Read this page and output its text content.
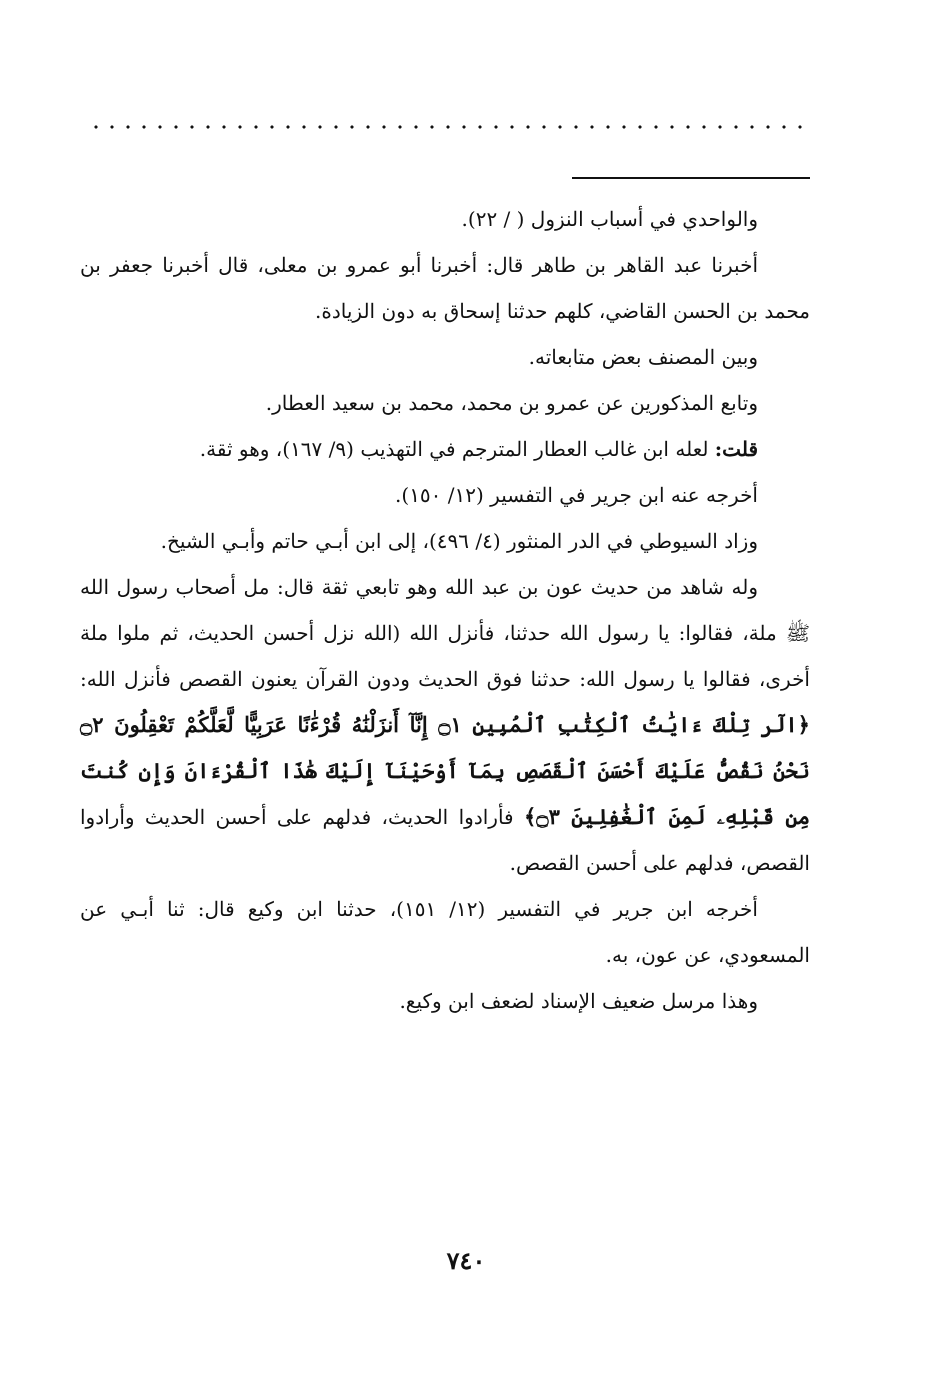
والواحدي في أسباب النزول ( / ٢٢).

أخبرنا عبد القاهر بن طاهر قال: أخبرنا أبو عمرو بن معلى، قال أخبرنا جعفر بن محمد بن الحسن القاضي، كلهم حدثنا إسحاق به دون الزيادة.

وبين المصنف بعض متابعاته.

وتابع المذكورين عن عمرو بن محمد، محمد بن سعيد العطار.

قلت: لعله ابن غالب العطار المترجم في التهذيب (٩/ ١٦٧)، وهو ثقة.

أخرجه عنه ابن جرير في التفسير (١٢/ ١٥٠).

وزاد السيوطي في الدر المنثور (٤/ ٤٩٦)، إلى ابن أبـي حاتم وأبـي الشيخ.

وله شاهد من حديث عون بن عبد الله وهو تابعي ثقة قال: مل أصحاب رسول الله ﷺ ملة، فقالوا: يا رسول الله حدثنا، فأنزل الله (الله نزل أحسن الحديث، ثم ملوا ملة أخرى، فقالوا يا رسول الله: حدثنا فوق الحديث ودون القرآن يعنون القصص فأنزل الله: ﴿الٓر تِلْكَ ءَايَٰتُ ٱلْكِتَٰبِ ٱلْمُبِينِ ۝١ إِنَّآ أَنزَلْنَٰهُ قُرْءَٰنًا عَرَبِيًّا لَّعَلَّكُمْ تَعْقِلُونَ ۝٢ نَحْنُ نَقُصُّ عَلَيْكَ أَحْسَنَ ٱلْقَصَصِ بِمَآ أَوْحَيْنَآ إِلَيْكَ هَٰذَا ٱلْقُرْءَانَ وَإِن كُنتَ مِن قَبْلِهِۦ لَمِنَ ٱلْغَٰفِلِينَ ۝٣﴾ فأرادوا الحديث، فدلهم على أحسن الحديث وأرادوا القصص، فدلهم على أحسن القصص.

أخرجه ابن جرير في التفسير (١٢/ ١٥١)، حدثنا ابن وكيع قال: ثنا أبـي عن المسعودي، عن عون، به.

وهذا مرسل ضعيف الإسناد لضعف ابن وكيع.

٧٤٠
